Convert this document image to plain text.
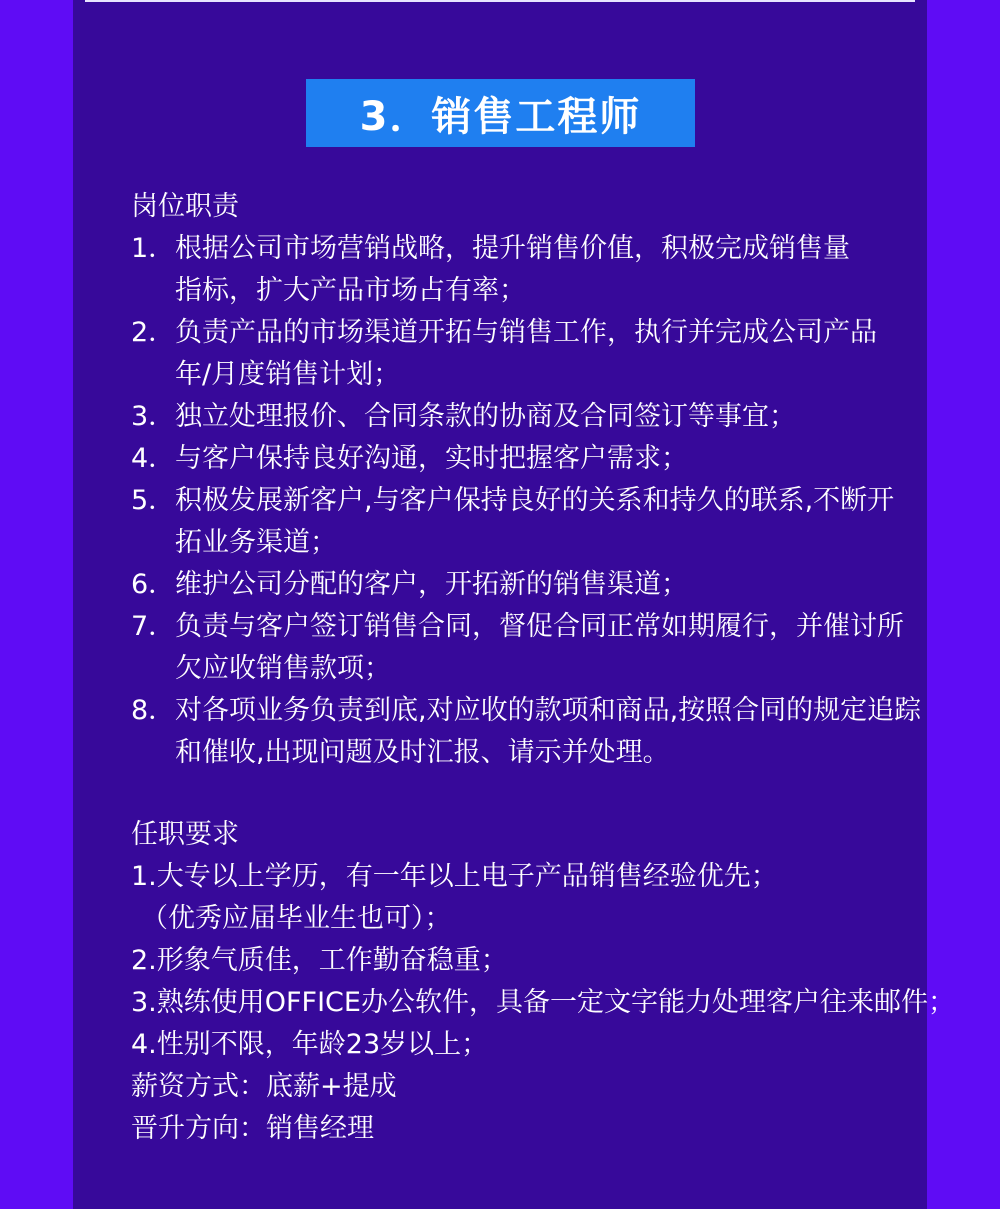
3．销售工程师
岗位职责
1．根据公司市场营销战略，提升销售价值，积极完成销售量
指标，扩大产品市场占有率；
2．负责产品的市场渠道开拓与销售工作，执行并完成公司产品
年/月度销售计划；
3．独立处理报价、合同条款的协商及合同签订等事宜；
4．与客户保持良好沟通，实时把握客户需求；
5．积极发展新客户,与客户保持良好的关系和持久的联系,不断开
拓业务渠道；
6．维护公司分配的客户，开拓新的销售渠道；
7．负责与客户签订销售合同，督促合同正常如期履行，并催讨所
欠应收销售款项；
8．对各项业务负责到底,对应收的款项和商品,按照合同的规定追踪
和催收,出现问题及时汇报、请示并处理。
任职要求
1.大专以上学历，有一年以上电子产品销售经验优先；
（优秀应届毕业生也可）；
2.形象气质佳，工作勤奋稳重；
3.熟练使用OFFICE办公软件，具备一定文字能力处理客户往来邮件；
4.性别不限，年龄23岁以上；
薪资方式：底薪+提成
晋升方向：销售经理
